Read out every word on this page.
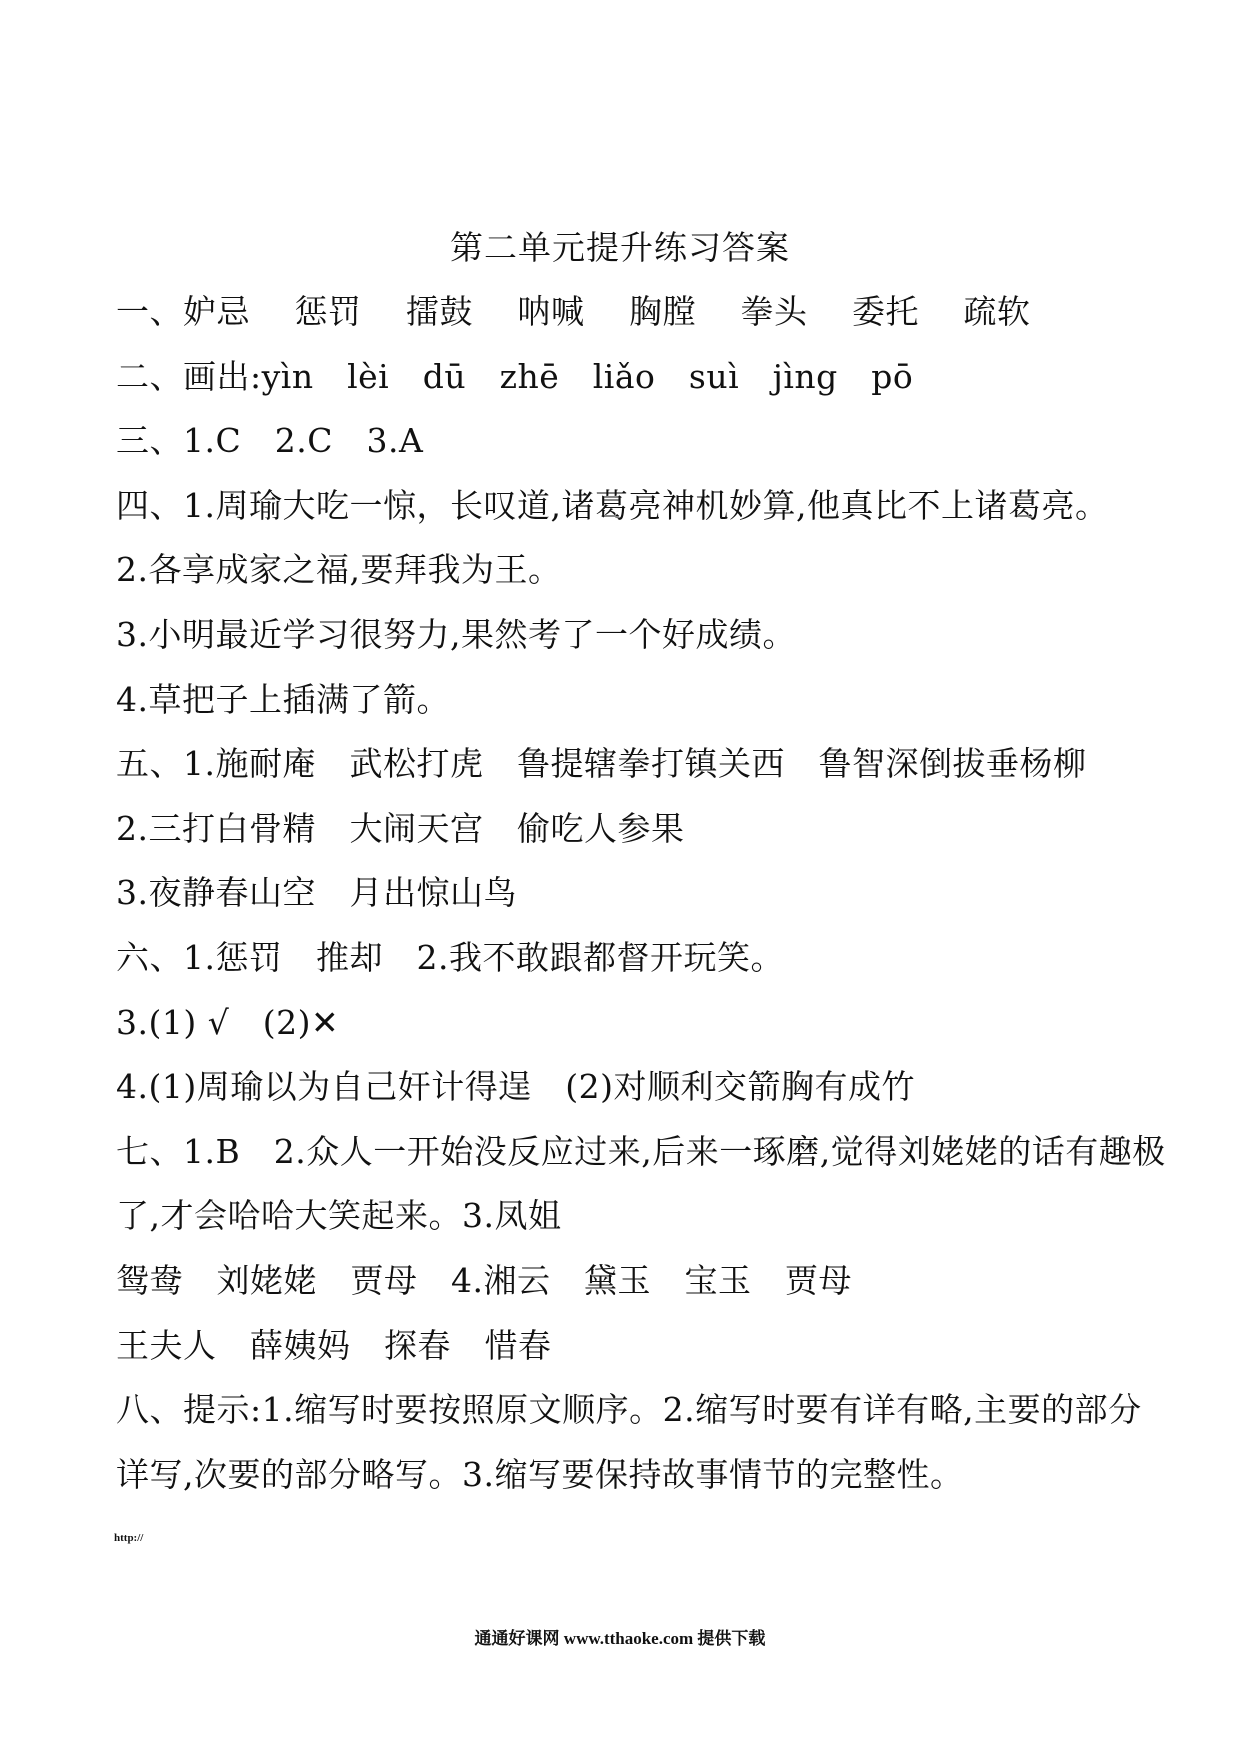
第二单元提升练习答案
一、妒忌　 惩罚　 擂鼓　 呐喊　 胸膛　 拳头　 委托　 疏软
二、画出:yìn　lèi　dū　zhē　liǎo　suì　jìng　pō
三、1.C　2.C　3.A
四、1.周瑜大吃一惊，长叹道,诸葛亮神机妙算,他真比不上诸葛亮。
2.各享成家之福,要拜我为王。
3.小明最近学习很努力,果然考了一个好成绩。
4.草把子上插满了箭。
五、1.施耐庵　武松打虎　鲁提辖拳打镇关西　鲁智深倒拔垂杨柳
2.三打白骨精　大闹天宫　偷吃人参果
3.夜静春山空　月出惊山鸟
六、1.惩罚　推却　2.我不敢跟都督开玩笑。
3.(1) √　(2)✕
4.(1)周瑜以为自己奸计得逞　(2)对顺利交箭胸有成竹
七、1.B　2.众人一开始没反应过来,后来一琢磨,觉得刘姥姥的话有趣极
了,才会哈哈大笑起来。3.凤姐
鸳鸯　刘姥姥　贾母　4.湘云　黛玉　宝玉　贾母
王夫人　薛姨妈　探春　惜春
八、提示:1.缩写时要按照原文顺序。2.缩写时要有详有略,主要的部分
详写,次要的部分略写。3.缩写要保持故事情节的完整性。
http://
通通好课网 www.tthaoke.com 提供下载
